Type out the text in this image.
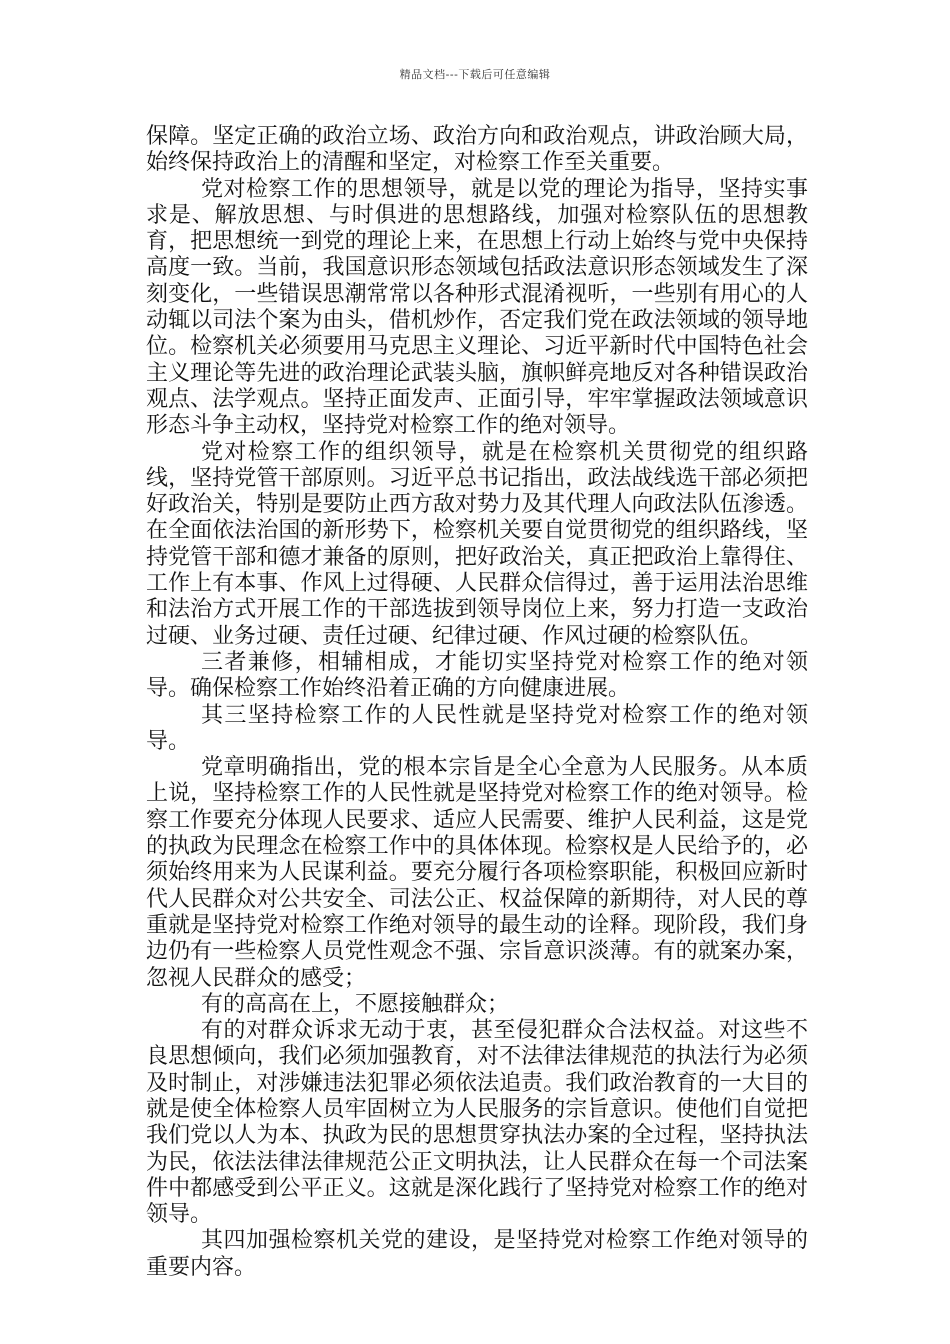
精品文档---下载后可任意编辑

保障。坚定正确的政治立场、政治方向和政治观点，讲政治顾大局，始终保持政治上的清醒和坚定，对检察工作至关重要。

党对检察工作的思想领导，就是以党的理论为指导，坚持实事求是、解放思想、与时俱进的思想路线，加强对检察队伍的思想教育，把思想统一到党的理论上来，在思想上行动上始终与党中央保持高度一致。当前，我国意识形态领域包括政法意识形态领域发生了深刻变化，一些错误思潮常常以各种形式混淆视听，一些别有用心的人动辄以司法个案为由头，借机炒作，否定我们党在政法领域的领导地位。检察机关必须要用马克思主义理论、习近平新时代中国特色社会主义理论等先进的政治理论武装头脑，旗帜鲜亮地反对各种错误政治观点、法学观点。坚持正面发声、正面引导，牢牢掌握政法领域意识形态斗争主动权，坚持党对检察工作的绝对领导。

党对检察工作的组织领导，就是在检察机关贯彻党的组织路线，坚持党管干部原则。习近平总书记指出，政法战线选干部必须把好政治关，特别是要防止西方敌对势力及其代理人向政法队伍渗透。在全面依法治国的新形势下，检察机关要自觉贯彻党的组织路线，坚持党管干部和德才兼备的原则，把好政治关，真正把政治上靠得住、工作上有本事、作风上过得硬、人民群众信得过，善于运用法治思维和法治方式开展工作的干部选拔到领导岗位上来，努力打造一支政治过硬、业务过硬、责任过硬、纪律过硬、作风过硬的检察队伍。

三者兼修，相辅相成，才能切实坚持党对检察工作的绝对领导。确保检察工作始终沿着正确的方向健康进展。

其三坚持检察工作的人民性就是坚持党对检察工作的绝对领导。

党章明确指出，党的根本宗旨是全心全意为人民服务。从本质上说，坚持检察工作的人民性就是坚持党对检察工作的绝对领导。检察工作要充分体现人民要求、适应人民需要、维护人民利益，这是党的执政为民理念在检察工作中的具体体现。检察权是人民给予的，必须始终用来为人民谋利益。要充分履行各项检察职能，积极回应新时代人民群众对公共安全、司法公正、权益保障的新期待，对人民的尊重就是坚持党对检察工作绝对领导的最生动的诠释。现阶段，我们身边仍有一些检察人员党性观念不强、宗旨意识淡薄。有的就案办案，忽视人民群众的感受；

有的高高在上，不愿接触群众；

有的对群众诉求无动于衷，甚至侵犯群众合法权益。对这些不良思想倾向，我们必须加强教育，对不法律法律规范的执法行为必须及时制止，对涉嫌违法犯罪必须依法追责。我们政治教育的一大目的就是使全体检察人员牢固树立为人民服务的宗旨意识。使他们自觉把我们党以人为本、执政为民的思想贯穿执法办案的全过程，坚持执法为民，依法法律法律规范公正文明执法，让人民群众在每一个司法案件中都感受到公平正义。这就是深化践行了坚持党对检察工作的绝对领导。

其四加强检察机关党的建设，是坚持党对检察工作绝对领导的重要内容。
